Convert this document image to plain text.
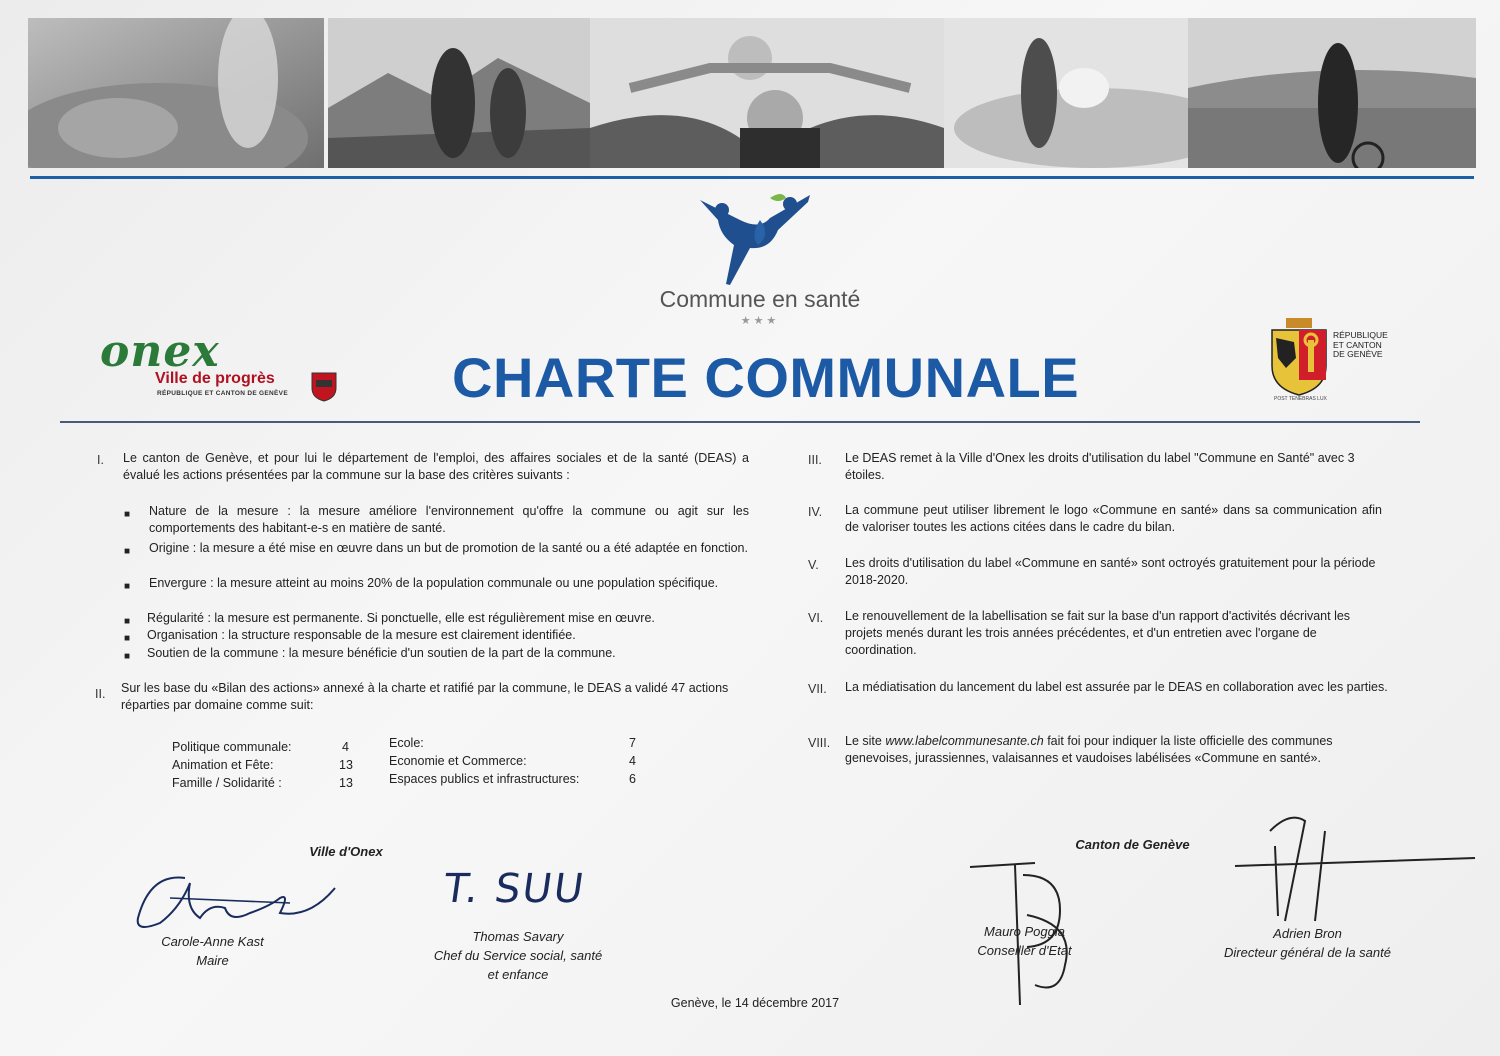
Commune en santé
★★★
onex
Ville de progrès
RÉPUBLIQUE ET CANTON DE GENÈVE	CHARTE COMMUNALE
RÉPUBLIQUE
ET CANTON
DE GENÈVE
POST TENEBRAS LUX
I. Le canton de Genève, et pour lui le département de l'emploi, des affaires sociales et de la santé (DEAS) a évalué les actions présentées par la commune sur la base des critères suivants :
■ Nature de la mesure : la mesure améliore l'environnement qu'offre la commune ou agit sur les comportements des habitant-e-s en matière de santé.
■ Origine : la mesure a été mise en œuvre dans un but de promotion de la santé ou a été adaptée en fonction.
■ Envergure : la mesure atteint au moins 20% de la population communale ou une population spécifique.
■ Régularité : la mesure est permanente. Si ponctuelle, elle est régulièrement mise en œuvre.
■ Organisation : la structure responsable de la mesure est clairement identifiée.
■ Soutien de la commune : la mesure bénéficie d'un soutien de la part de la commune.
II. Sur les base du «Bilan des actions» annexé à la charte et ratifié par la commune, le DEAS a validé 47 actions réparties par domaine comme suit:
Politique communale:	4
Animation et Fête:	13
Famille / Solidarité :	13
Ecole:	7
Economie et Commerce:	4
Espaces publics et infrastructures:	6
III. Le DEAS remet à la Ville d'Onex les droits d'utilisation du label "Commune en Santé" avec 3 étoiles.
IV. La commune peut utiliser librement le logo «Commune en santé» dans sa communication afin de valoriser toutes les actions citées dans le cadre du bilan.
V. Les droits d'utilisation du label «Commune en santé» sont octroyés gratuitement pour la période 2018-2020.
VI. Le renouvellement de la labellisation se fait sur la base d'un rapport d'activités décrivant les projets menés durant les trois années précédentes, et d'un entretien avec l'organe de coordination.
VII. La médiatisation du lancement du label est assurée par le DEAS en collaboration avec les parties.
VIII. Le site www.labelcommunesante.ch fait foi pour indiquer la liste officielle des communes genevoises, jurassiennes, valaisannes et vaudoises labélisées «Commune en santé».
Ville d'Onex	Canton de Genève
Carole-Anne Kast
Maire
T. SUU
Thomas Savary
Chef du Service social, santé
et enfance
Mauro Poggia
Conseiller d'Etat
Adrien Bron
Directeur général de la santé
Genève, le 14 décembre 2017
